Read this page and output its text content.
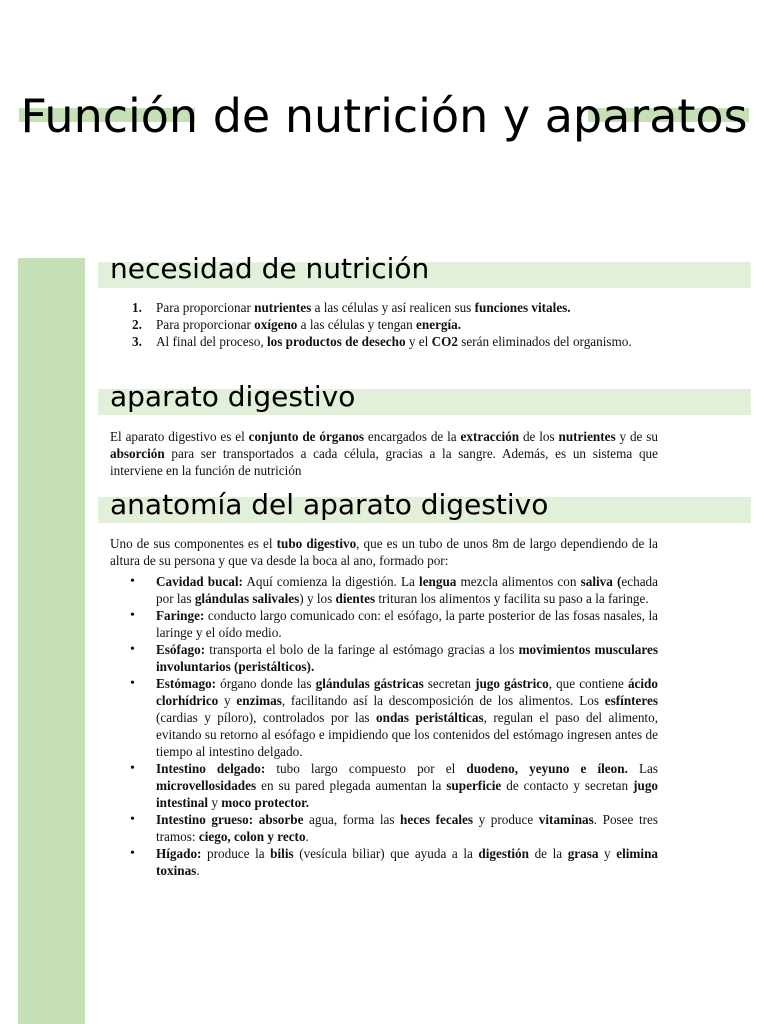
Función de nutrición y aparatos
necesidad de nutrición
1. Para proporcionar nutrientes a las células y así realicen sus funciones vitales.
2. Para proporcionar oxígeno a las células y tengan energía.
3. Al final del proceso, los productos de desecho y el CO2 serán eliminados del organismo.
aparato digestivo

El aparato digestivo es el conjunto de órganos encargados de la extracción de los nutrientes y de su absorción para ser transportados a cada célula, gracias a la sangre. Además, es un sistema que interviene en la función de nutrición

anatomía del aparato digestivo

Uno de sus componentes es el tubo digestivo, que es un tubo de unos 8m de largo dependiendo de la altura de su persona y que va desde la boca al ano, formado por:

• Cavidad bucal: Aquí comienza la digestión. La lengua mezcla alimentos con saliva (echada por las glándulas salivales) y los dientes trituran los alimentos y facilita su paso a la faringe.
• Faringe: conducto largo comunicado con: el esófago, la parte posterior de las fosas nasales, la laringe y el oído medio.
• Esófago: transporta el bolo de la faringe al estómago gracias a los movimientos musculares involuntarios (peristálticos).
• Estómago: órgano donde las glándulas gástricas secretan jugo gástrico, que contiene ácido clorhídrico y enzimas, facilitando así la descomposición de los alimentos. Los esfínteres (cardias y píloro), controlados por las ondas peristálticas, regulan el paso del alimento, evitando su retorno al esófago e impidiendo que los contenidos del estómago ingresen antes de tiempo al intestino delgado.
• Intestino delgado: tubo largo compuesto por el duodeno, yeyuno e íleon. Las microvellosidades en su pared plegada aumentan la superficie de contacto y secretan jugo intestinal y moco protector.
• Intestino grueso: absorbe agua, forma las heces fecales y produce vitaminas. Posee tres tramos: ciego, colon y recto.
• Hígado: produce la bilis (vesícula biliar) que ayuda a la digestión de la grasa y elimina toxinas.
